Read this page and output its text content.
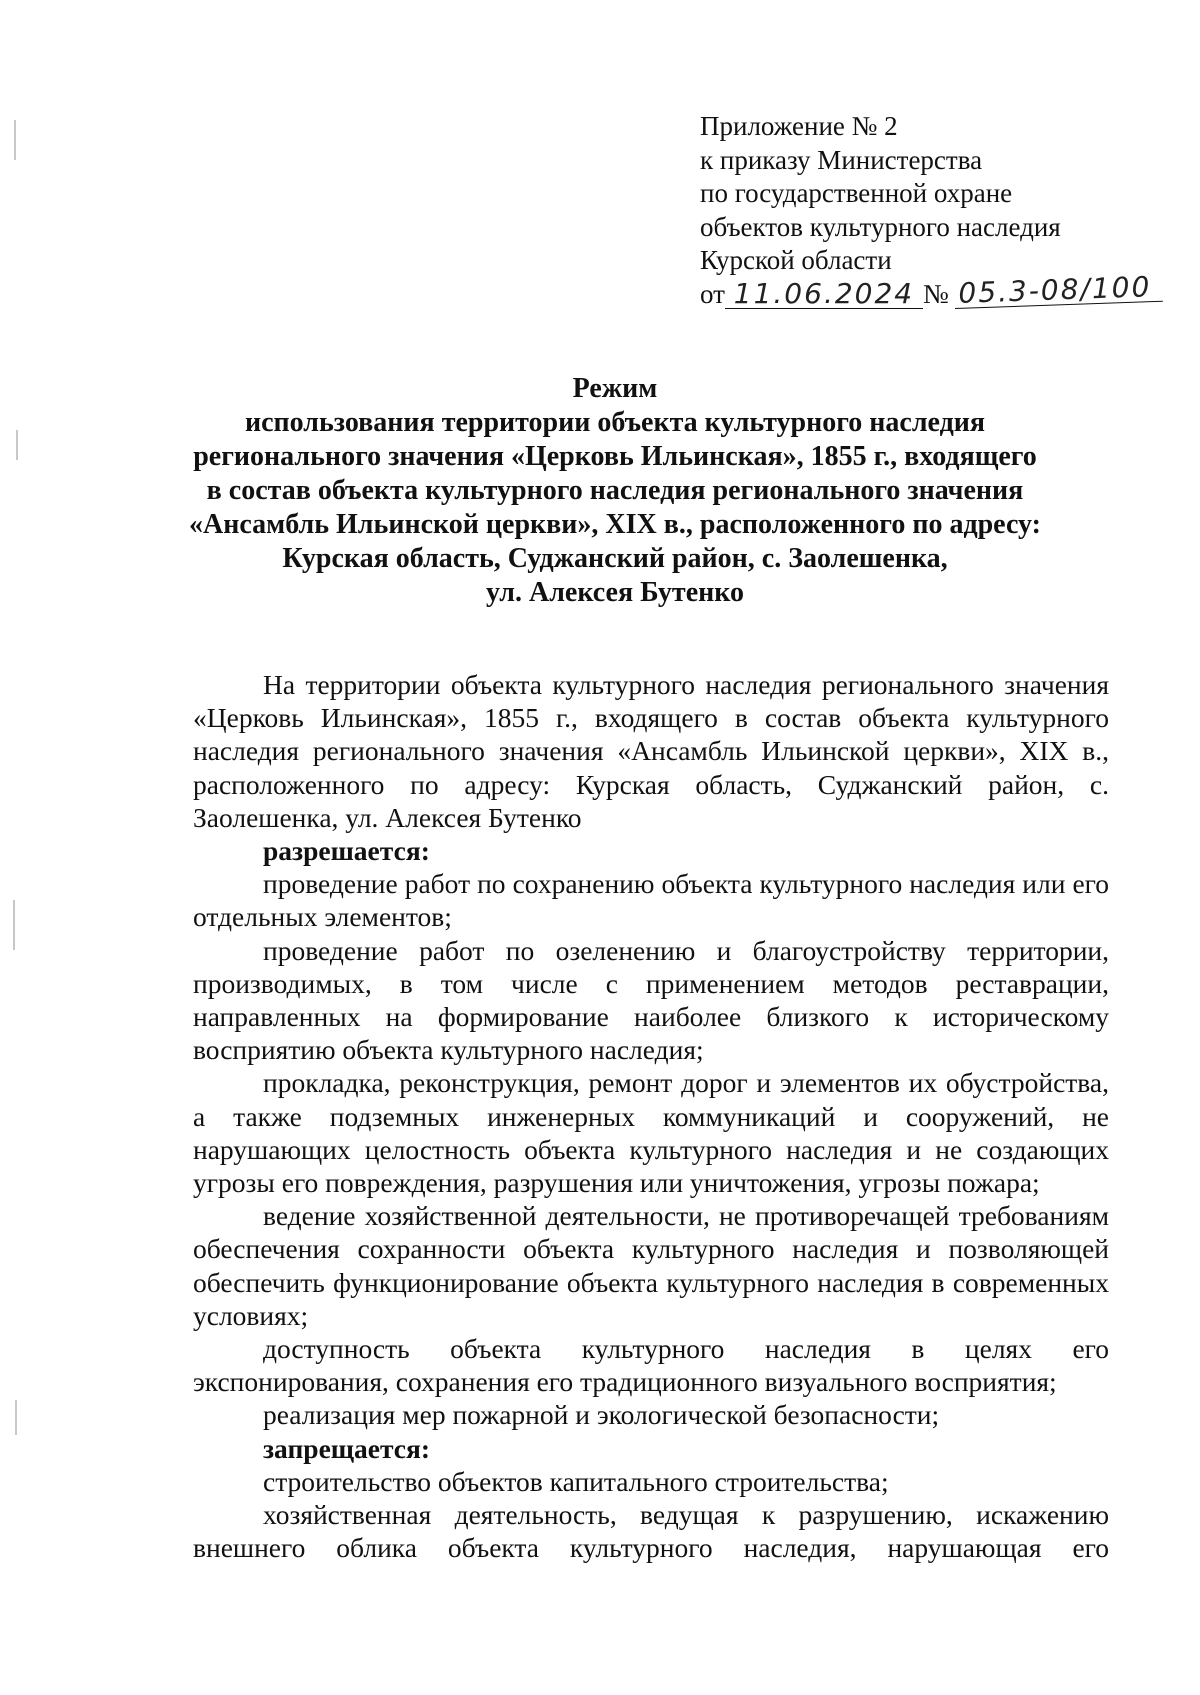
Приложение № 2
к приказу Министерства
по государственной охране
объектов культурного наследия
Курской области
от 11.06.2024 № 05.3-08/100
Режим
использования территории объекта культурного наследия
регионального значения «Церковь Ильинская», 1855 г., входящего
в состав объекта культурного наследия регионального значения
«Ансамбль Ильинской церкви», XIX в., расположенного по адресу:
Курская область, Суджанский район, с. Заолешенка,
ул. Алексея Бутенко

На территории объекта культурного наследия регионального значения «Церковь Ильинская», 1855 г., входящего в состав объекта культурного наследия регионального значения «Ансамбль Ильинской церкви», XIX в., расположенного по адресу: Курская область, Суджанский район, с. Заолешенка, ул. Алексея Бутенко

разрешается:

проведение работ по сохранению объекта культурного наследия или его отдельных элементов;

проведение работ по озеленению и благоустройству территории, производимых, в том числе с применением методов реставрации, направленных на формирование наиболее близкого к историческому восприятию объекта культурного наследия;

прокладка, реконструкция, ремонт дорог и элементов их обустройства, а также подземных инженерных коммуникаций и сооружений, не нарушающих целостность объекта культурного наследия и не создающих угрозы его повреждения, разрушения или уничтожения, угрозы пожара;

ведение хозяйственной деятельности, не противоречащей требованиям обеспечения сохранности объекта культурного наследия и позволяющей обеспечить функционирование объекта культурного наследия в современных условиях;

доступность объекта культурного наследия в целях его экспонирования, сохранения его традиционного визуального восприятия;

реализация мер пожарной и экологической безопасности;

запрещается:

строительство объектов капитального строительства;

хозяйственная деятельность, ведущая к разрушению, искажению внешнего облика объекта культурного наследия, нарушающая его
